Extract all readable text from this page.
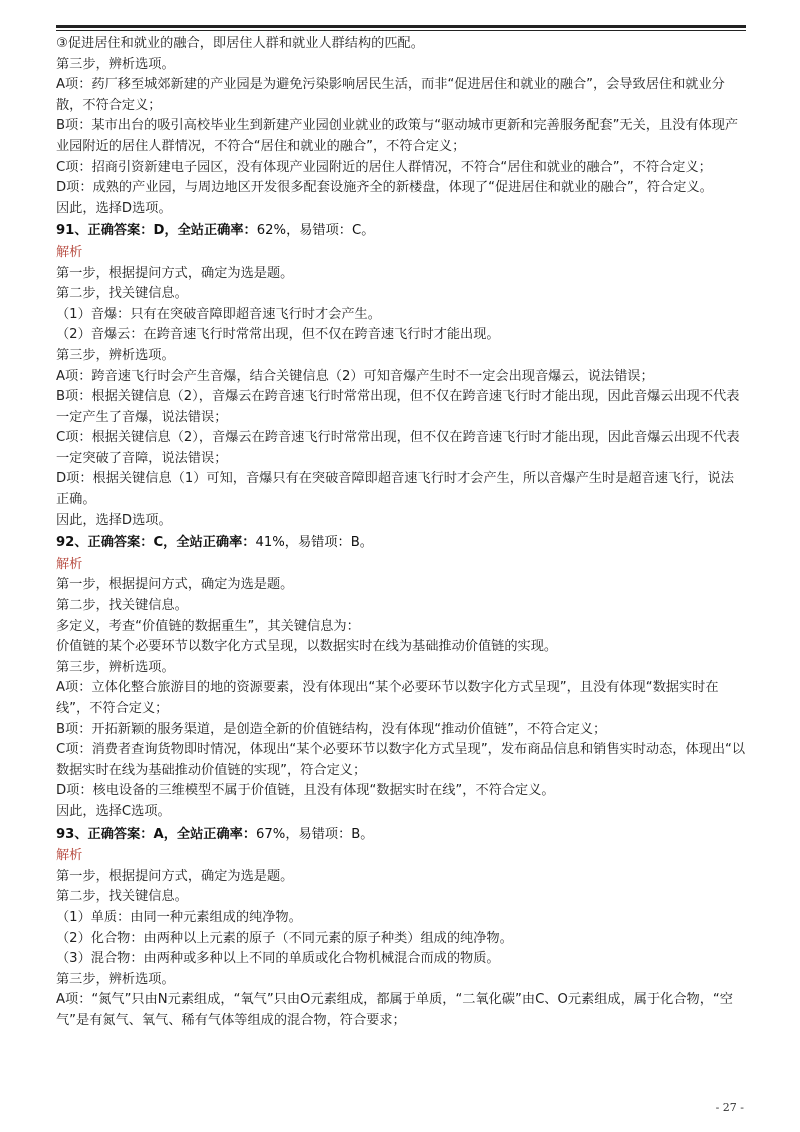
③促进居住和就业的融合，即居住人群和就业人群结构的匹配。

第三步，辨析选项。

A项：药厂移至城郊新建的产业园是为避免污染影响居民生活，而非“促进居住和就业的融合”，会导致居住和就业分散，不符合定义；

B项：某市出台的吸引高校毕业生到新建产业园创业就业的政策与“驱动城市更新和完善服务配套”无关，且没有体现产业园附近的居住人群情况，不符合“居住和就业的融合”，不符合定义；

C项：招商引资新建电子园区，没有体现产业园附近的居住人群情况，不符合“居住和就业的融合”，不符合定义；

D项：成熟的产业园，与周边地区开发很多配套设施齐全的新楼盘，体现了“促进居住和就业的融合”，符合定义。

因此，选择D选项。

91、正确答案：D，全站正确率：62%，易错项：C。

解析

第一步，根据提问方式，确定为选是题。

第二步，找关键信息。

（1）音爆：只有在突破音障即超音速飞行时才会产生。

（2）音爆云：在跨音速飞行时常常出现，但不仅在跨音速飞行时才能出现。

第三步，辨析选项。

A项：跨音速飞行时会产生音爆，结合关键信息（2）可知音爆产生时不一定会出现音爆云，说法错误；

B项：根据关键信息（2），音爆云在跨音速飞行时常常出现，但不仅在跨音速飞行时才能出现，因此音爆云出现不代表一定产生了音爆，说法错误；

C项：根据关键信息（2），音爆云在跨音速飞行时常常出现，但不仅在跨音速飞行时才能出现，因此音爆云出现不代表一定突破了音障，说法错误；

D项：根据关键信息（1）可知，音爆只有在突破音障即超音速飞行时才会产生，所以音爆产生时是超音速飞行，说法正确。

因此，选择D选项。

92、正确答案：C，全站正确率：41%，易错项：B。

解析

第一步，根据提问方式，确定为选是题。

第二步，找关键信息。

多定义，考查“价值链的数据重生”，其关键信息为：

价值链的某个必要环节以数字化方式呈现，以数据实时在线为基础推动价值链的实现。

第三步，辨析选项。

A项：立体化整合旅游目的地的资源要素，没有体现出“某个必要环节以数字化方式呈现”，且没有体现“数据实时在线”，不符合定义；

B项：开拓新颖的服务渠道，是创造全新的价值链结构，没有体现“推动价值链”，不符合定义；

C项：消费者查询货物即时情况，体现出“某个必要环节以数字化方式呈现”，发布商品信息和销售实时动态，体现出“以数据实时在线为基础推动价值链的实现”，符合定义；

D项：核电设备的三维模型不属于价值链，且没有体现“数据实时在线”，不符合定义。

因此，选择C选项。

93、正确答案：A，全站正确率：67%，易错项：B。

解析

第一步，根据提问方式，确定为选是题。

第二步，找关键信息。

（1）单质：由同一种元素组成的纯净物。

（2）化合物：由两种以上元素的原子（不同元素的原子种类）组成的纯净物。

（3）混合物：由两种或多种以上不同的单质或化合物机械混合而成的物质。

第三步，辨析选项。

A项：“氮气”只由N元素组成，“氧气”只由O元素组成，都属于单质，“二氧化碳”由C、O元素组成，属于化合物，“空气”是有氮气、氧气、稀有气体等组成的混合物，符合要求；

- 27 -
